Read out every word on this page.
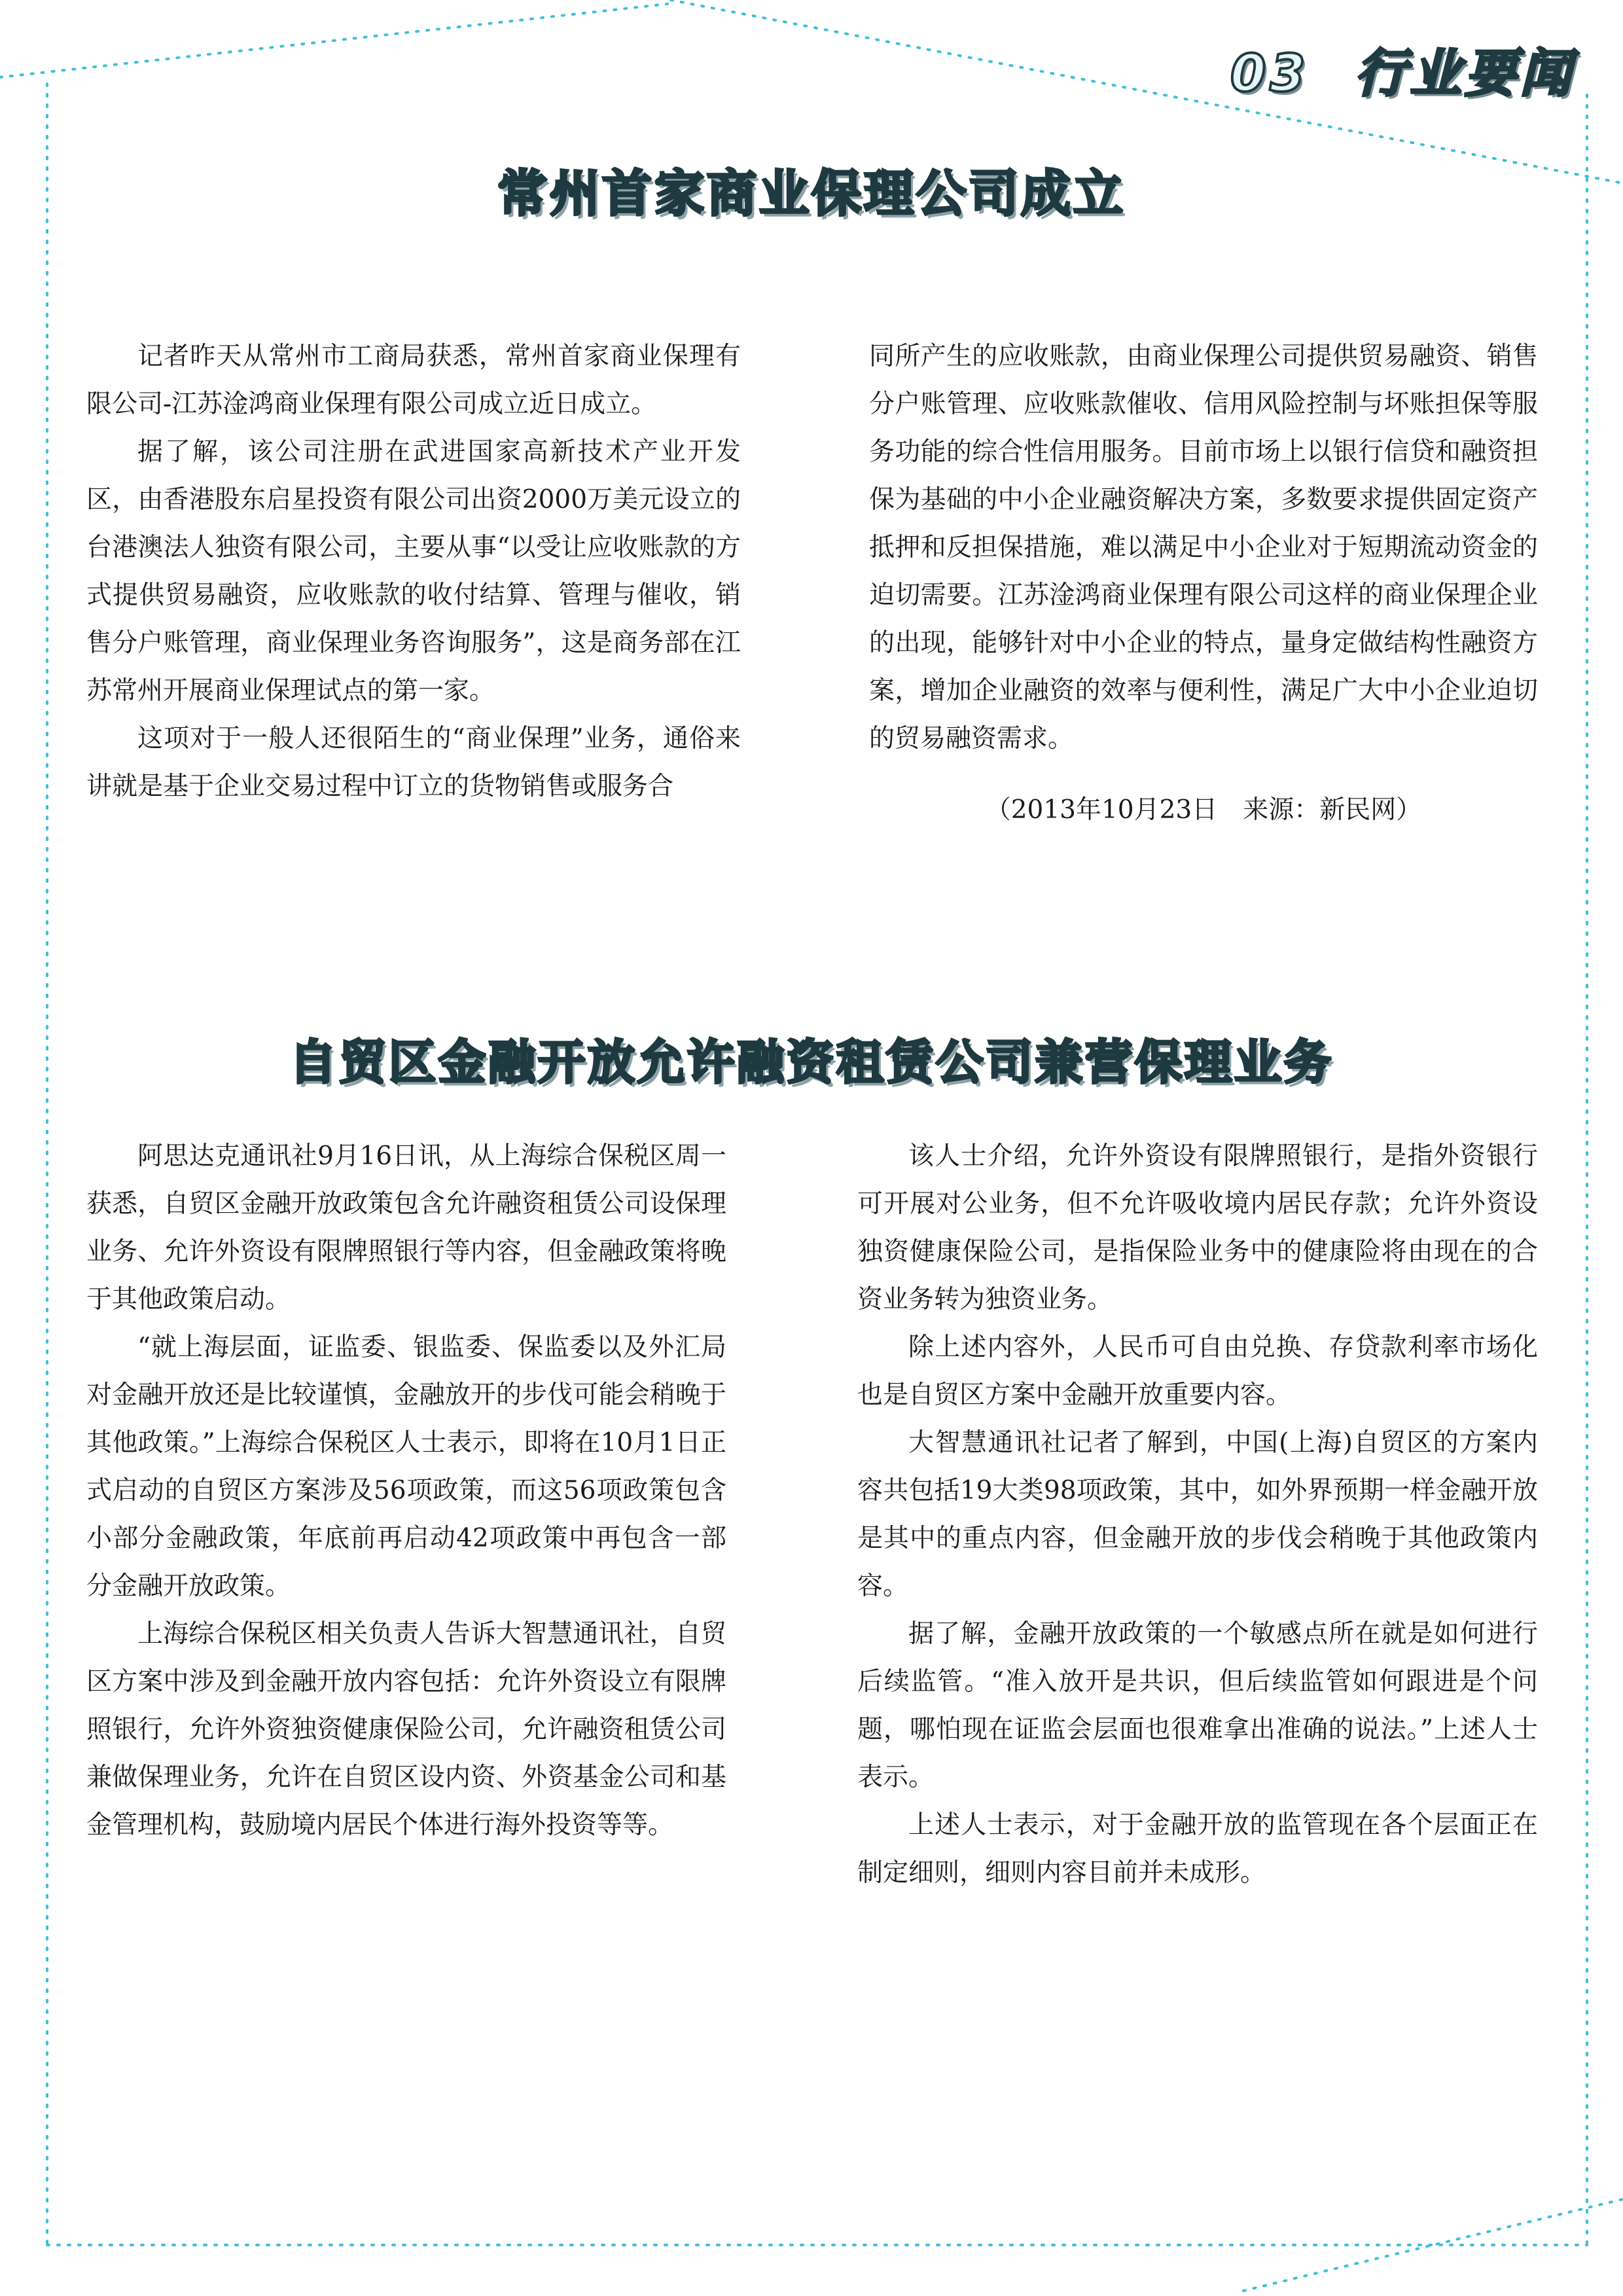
03 行业要闻
常州首家商业保理公司成立

记者昨天从常州市工商局获悉，常州首家商业保理有限公司-江苏淦鸿商业保理有限公司成立近日成立。

据了解，该公司注册在武进国家高新技术产业开发区，由香港股东启星投资有限公司出资2000万美元设立的台港澳法人独资有限公司，主要从事“以受让应收账款的方式提供贸易融资，应收账款的收付结算、管理与催收，销售分户账管理，商业保理业务咨询服务”，这是商务部在江苏常州开展商业保理试点的第一家。

这项对于一般人还很陌生的“商业保理”业务，通俗来讲就是基于企业交易过程中订立的货物销售或服务合

同所产生的应收账款，由商业保理公司提供贸易融资、销售分户账管理、应收账款催收、信用风险控制与坏账担保等服务功能的综合性信用服务。目前市场上以银行信贷和融资担保为基础的中小企业融资解决方案，多数要求提供固定资产抵押和反担保措施，难以满足中小企业对于短期流动资金的迫切需要。江苏淦鸿商业保理有限公司这样的商业保理企业的出现，能够针对中小企业的特点，量身定做结构性融资方案，增加企业融资的效率与便利性，满足广大中小企业迫切的贸易融资需求。

（2013年10月23日　来源：新民网）

自贸区金融开放允许融资租赁公司兼营保理业务

阿思达克通讯社9月16日讯，从上海综合保税区周一获悉，自贸区金融开放政策包含允许融资租赁公司设保理业务、允许外资设有限牌照银行等内容，但金融政策将晚于其他政策启动。

“就上海层面，证监委、银监委、保监委以及外汇局对金融开放还是比较谨慎，金融放开的步伐可能会稍晚于其他政策。”上海综合保税区人士表示，即将在10月1日正式启动的自贸区方案涉及56项政策，而这56项政策包含小部分金融政策，年底前再启动42项政策中再包含一部分金融开放政策。

上海综合保税区相关负责人告诉大智慧通讯社，自贸区方案中涉及到金融开放内容包括：允许外资设立有限牌照银行，允许外资独资健康保险公司，允许融资租赁公司兼做保理业务，允许在自贸区设内资、外资基金公司和基金管理机构，鼓励境内居民个体进行海外投资等等。

该人士介绍，允许外资设有限牌照银行，是指外资银行可开展对公业务，但不允许吸收境内居民存款；允许外资设独资健康保险公司，是指保险业务中的健康险将由现在的合资业务转为独资业务。

除上述内容外，人民币可自由兑换、存贷款利率市场化也是自贸区方案中金融开放重要内容。

大智慧通讯社记者了解到，中国(上海)自贸区的方案内容共包括19大类98项政策，其中，如外界预期一样金融开放是其中的重点内容，但金融开放的步伐会稍晚于其他政策内容。

据了解，金融开放政策的一个敏感点所在就是如何进行后续监管。“准入放开是共识，但后续监管如何跟进是个问题，哪怕现在证监会层面也很难拿出准确的说法。”上述人士表示。

上述人士表示，对于金融开放的监管现在各个层面正在制定细则，细则内容目前并未成形。
